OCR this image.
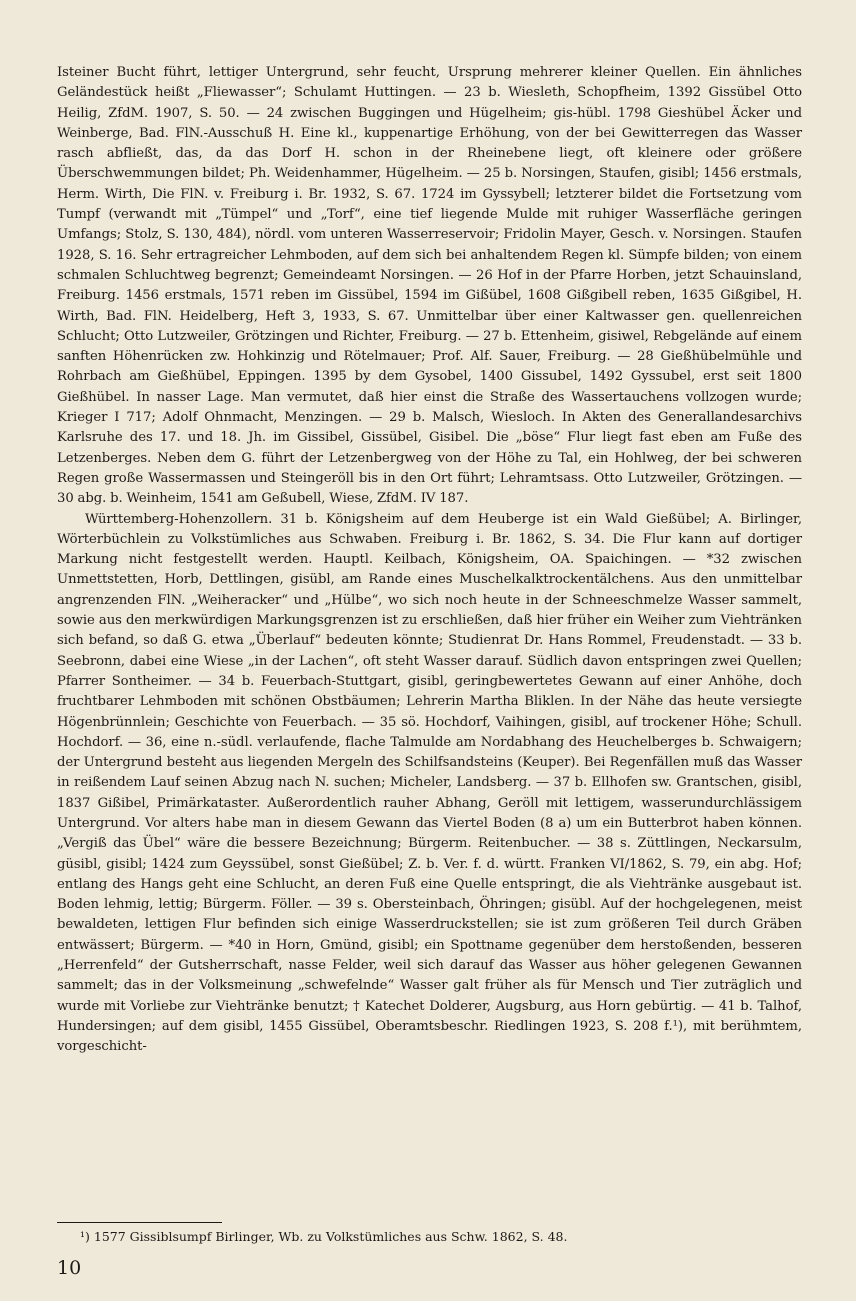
Isteiner Bucht führt, lettiger Untergrund, sehr feucht, Ursprung mehrerer kleiner Quellen. Ein ähnliches Geländestück heißt „Fliewasser“; Schulamt Huttingen. — 23 b. Wiesleth, Schopfheim, 1392 Gissübel Otto Heilig, ZfdM. 1907, S. 50. — 24 zwischen Buggingen und Hügelheim; gis-hübl. 1798 Gieshübel Äcker und Weinberge, Bad. FlN.-Ausschuß H. Eine kl., kuppenartige Erhöhung, von der bei Gewitterregen das Wasser rasch abfließt, das, da das Dorf H. schon in der Rheinebene liegt, oft kleinere oder größere Überschwemmungen bildet; Ph. Weidenhammer, Hügelheim. — 25 b. Norsingen, Staufen, gisibl; 1456 erstmals, Herm. Wirth, Die FlN. v. Freiburg i. Br. 1932, S. 67. 1724 im Gyssybell; letzterer bildet die Fortsetzung vom Tumpf (verwandt mit „Tümpel“ und „Torf“, eine tief liegende Mulde mit ruhiger Wasserfläche geringen Umfangs; Stolz, S. 130, 484), nördl. vom unteren Wasserreservoir; Fridolin Mayer, Gesch. v. Norsingen. Staufen 1928, S. 16. Sehr ertragreicher Lehmboden, auf dem sich bei anhaltendem Regen kl. Sümpfe bilden; von einem schmalen Schluchtweg begrenzt; Gemeindeamt Norsingen. — 26 Hof in der Pfarre Horben, jetzt Schauinsland, Freiburg. 1456 erstmals, 1571 reben im Gissübel, 1594 im Gißübel, 1608 Gißgibell reben, 1635 Gißgibel, H. Wirth, Bad. FlN. Heidelberg, Heft 3, 1933, S. 67. Unmittelbar über einer Kaltwasser gen. quellenreichen Schlucht; Otto Lutzweiler, Grötzingen und Richter, Freiburg. — 27 b. Ettenheim, gisiwel, Rebgelände auf einem sanften Höhenrücken zw. Hohkinzig und Rötelmauer; Prof. Alf. Sauer, Freiburg. — 28 Gießhübelmühle und Rohrbach am Gießhübel, Eppingen. 1395 by dem Gysobel, 1400 Gissubel, 1492 Gyssubel, erst seit 1800 Gießhübel. In nasser Lage. Man vermutet, daß hier einst die Straße des Wassertauchens vollzogen wurde; Krieger I 717; Adolf Ohnmacht, Menzingen. — 29 b. Malsch, Wiesloch. In Akten des Generallandesarchivs Karlsruhe des 17. und 18. Jh. im Gissibel, Gissübel, Gisibel. Die „böse“ Flur liegt fast eben am Fuße des Letzenberges. Neben dem G. führt der Letzenbergweg von der Höhe zu Tal, ein Hohlweg, der bei schweren Regen große Wassermassen und Steingeröll bis in den Ort führt; Lehramtsass. Otto Lutzweiler, Grötzingen. — 30 abg. b. Weinheim, 1541 am Geßubell, Wiese, ZfdM. IV 187.

Württemberg-Hohenzollern. 31 b. Königsheim auf dem Heuberge ist ein Wald Gießübel; A. Birlinger, Wörterbüchlein zu Volkstümliches aus Schwaben. Freiburg i. Br. 1862, S. 34. Die Flur kann auf dortiger Markung nicht festgestellt werden. Hauptl. Keilbach, Königsheim, OA. Spaichingen. — *32 zwischen Unmettstetten, Horb, Dettlingen, gisübl, am Rande eines Muschelkalktrockentälchens. Aus den unmittelbar angrenzenden FlN. „Weiheracker“ und „Hülbe“, wo sich noch heute in der Schneeschmelze Wasser sammelt, sowie aus den merkwürdigen Markungsgrenzen ist zu erschließen, daß hier früher ein Weiher zum Viehtränken sich befand, so daß G. etwa „Überlauf“ bedeuten könnte; Studienrat Dr. Hans Rommel, Freudenstadt. — 33 b. Seebronn, dabei eine Wiese „in der Lachen“, oft steht Wasser darauf. Südlich davon entspringen zwei Quellen; Pfarrer Sontheimer. — 34 b. Feuerbach-Stuttgart, gisibl, geringbewertetes Gewann auf einer Anhöhe, doch fruchtbarer Lehmboden mit schönen Obstbäumen; Lehrerin Martha Bliklen. In der Nähe das heute versiegte Högenbrünnlein; Geschichte von Feuerbach. — 35 sö. Hochdorf, Vaihingen, gisibl, auf trockener Höhe; Schull. Hochdorf. — 36, eine n.-südl. verlaufende, flache Talmulde am Nordabhang des Heuchelberges b. Schwaigern; der Untergrund besteht aus liegenden Mergeln des Schilfsandsteins (Keuper). Bei Regenfällen muß das Wasser in reißendem Lauf seinen Abzug nach N. suchen; Micheler, Landsberg. — 37 b. Ellhofen sw. Grantschen, gisibl, 1837 Gißibel, Primärkataster. Außerordentlich rauher Abhang, Geröll mit lettigem, wasserundurchlässigem Untergrund. Vor alters habe man in diesem Gewann das Viertel Boden (8 a) um ein Butterbrot haben können. „Vergiß das Übel“ wäre die bessere Bezeichnung; Bürgerm. Reitenbucher. — 38 s. Züttlingen, Neckarsulm, güsibl, gisibl; 1424 zum Geyssübel, sonst Gießübel; Z. b. Ver. f. d. württ. Franken VI/1862, S. 79, ein abg. Hof; entlang des Hangs geht eine Schlucht, an deren Fuß eine Quelle entspringt, die als Viehtränke ausgebaut ist. Boden lehmig, lettig; Bürgerm. Föller. — 39 s. Obersteinbach, Öhringen; gisübl. Auf der hochgelegenen, meist bewaldeten, lettigen Flur befinden sich einige Wasserdruckstellen; sie ist zum größeren Teil durch Gräben entwässert; Bürgerm. — *40 in Horn, Gmünd, gisibl; ein Spottname gegenüber dem herstoßenden, besseren „Herrenfeld“ der Gutsherrschaft, nasse Felder, weil sich darauf das Wasser aus höher gelegenen Gewannen sammelt; das in der Volksmeinung „schwefelnde“ Wasser galt früher als für Mensch und Tier zuträglich und wurde mit Vorliebe zur Viehtränke benutzt; † Katechet Dolderer, Augsburg, aus Horn gebürtig. — 41 b. Talhof, Hundersingen; auf dem gisibl, 1455 Gissübel, Oberamtsbeschr. Riedlingen 1923, S. 208 f.¹), mit berühmtem, vorgeschicht-

¹) 1577 Gissiblsumpf Birlinger, Wb. zu Volkstümliches aus Schw. 1862, S. 48.

10
